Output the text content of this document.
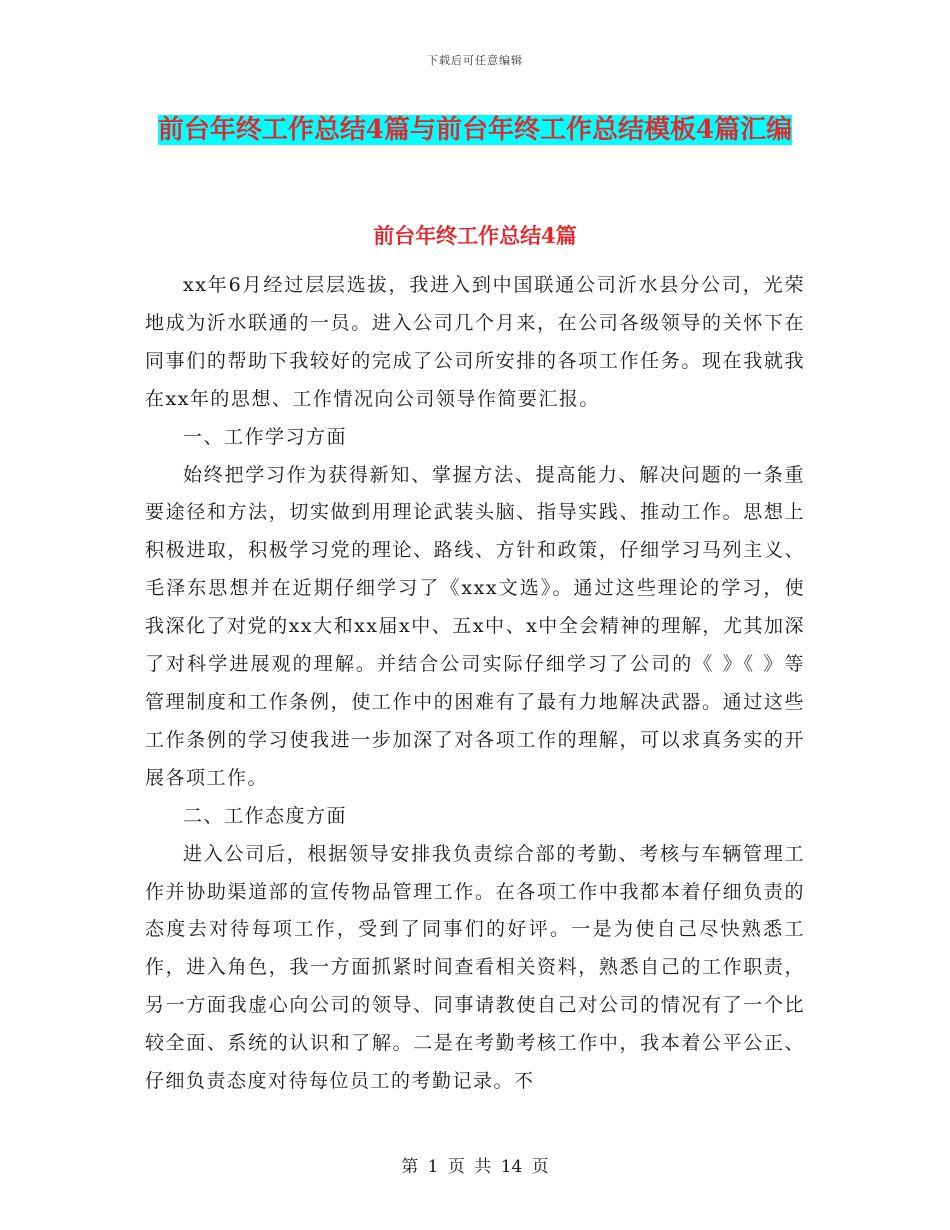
下载后可任意编辑
前台年终工作总结4篇与前台年终工作总结模板4篇汇编
前台年终工作总结4篇

xx年6月经过层层选拔，我进入到中国联通公司沂水县分公司，光荣地成为沂水联通的一员。进入公司几个月来，在公司各级领导的关怀下在同事们的帮助下我较好的完成了公司所安排的各项工作任务。现在我就我在xx年的思想、工作情况向公司领导作简要汇报。

一、工作学习方面

始终把学习作为获得新知、掌握方法、提高能力、解决问题的一条重要途径和方法，切实做到用理论武装头脑、指导实践、推动工作。思想上积极进取，积极学习党的理论、路线、方针和政策，仔细学习马列主义、毛泽东思想并在近期仔细学习了《xxx文选》。通过这些理论的学习，使我深化了对党的xx大和xx届x中、五x中、x中全会精神的理解，尤其加深了对科学进展观的理解。并结合公司实际仔细学习了公司的《 》《 》等管理制度和工作条例，使工作中的困难有了最有力地解决武器。通过这些工作条例的学习使我进一步加深了对各项工作的理解，可以求真务实的开展各项工作。

二、工作态度方面

进入公司后，根据领导安排我负责综合部的考勤、考核与车辆管理工作并协助渠道部的宣传物品管理工作。在各项工作中我都本着仔细负责的态度去对待每项工作，受到了同事们的好评。一是为使自己尽快熟悉工作，进入角色，我一方面抓紧时间查看相关资料，熟悉自己的工作职责，另一方面我虚心向公司的领导、同事请教使自己对公司的情况有了一个比较全面、系统的认识和了解。二是在考勤考核工作中，我本着公平公正、仔细负责态度对待每位员工的考勤记录。不

第 1 页 共 14 页
